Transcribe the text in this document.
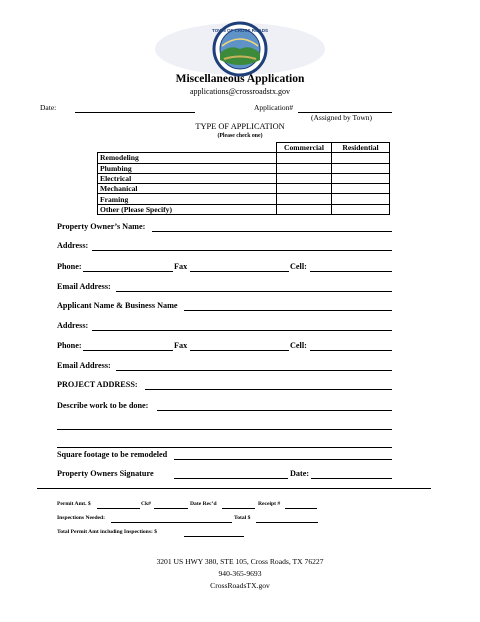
TOWN OF CROSS ROADS
Miscellaneous Application
applications@crossroadstx.gov
Date:	Application#
(Assigned by Town)
TYPE OF APPLICATION
(Please check one)
	Commercial	Residential
Remodeling		
Plumbing		
Electrical		
Mechanical		
Framing		
Other (Please Specify)		
Property Owner’s Name:
Address:
Phone:	Fax	Cell:
Email Address:
Applicant Name & Business Name
Address:
Phone:	Fax	Cell:
Email Address:
PROJECT ADDRESS:
Describe work to be done:
Square footage to be remodeled
Property Owners Signature	Date:
Permit Amt. $	Ck#	Date Rec’d	Receipt #
Inspections Needed:	Total $
Total Permit Amt including Inspections: $
3201 US HWY 380, STE 105, Cross Roads, TX 76227
940-365-9693
CrossRoadsTX.gov
